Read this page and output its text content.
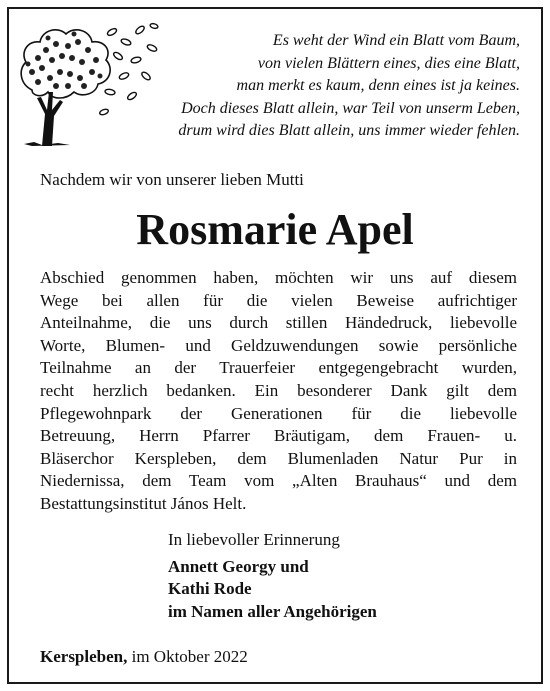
Es weht der Wind ein Blatt vom Baum,
von vielen Blättern eines, dies eine Blatt,
man merkt es kaum, denn eines ist ja keines.
Doch dieses Blatt allein, war Teil von unserm Leben,
drum wird dies Blatt allein, uns immer wieder fehlen.
Nachdem wir von unserer lieben Mutti
Rosmarie Apel
Abschied genommen haben, möchten wir uns auf diesem
Wege bei allen für die vielen Beweise aufrichtiger
Anteilnahme, die uns durch stillen Händedruck, liebevolle
Worte, Blumen- und Geldzuwendungen sowie persönliche
Teilnahme an der Trauerfeier entgegengebracht wurden,
recht herzlich bedanken. Ein besonderer Dank gilt dem
Pflegewohnpark der Generationen für die liebevolle
Betreuung, Herrn Pfarrer Bräutigam, dem Frauen- u.
Bläserchor Kerspleben, dem Blumenladen Natur Pur in
Niedernissa, dem Team vom „Alten Brauhaus“ und dem
Bestattungsinstitut János Helt.
In liebevoller Erinnerung
Annett Georgy und
Kathi Rode
im Namen aller Angehörigen
Kerspleben, im Oktober 2022
